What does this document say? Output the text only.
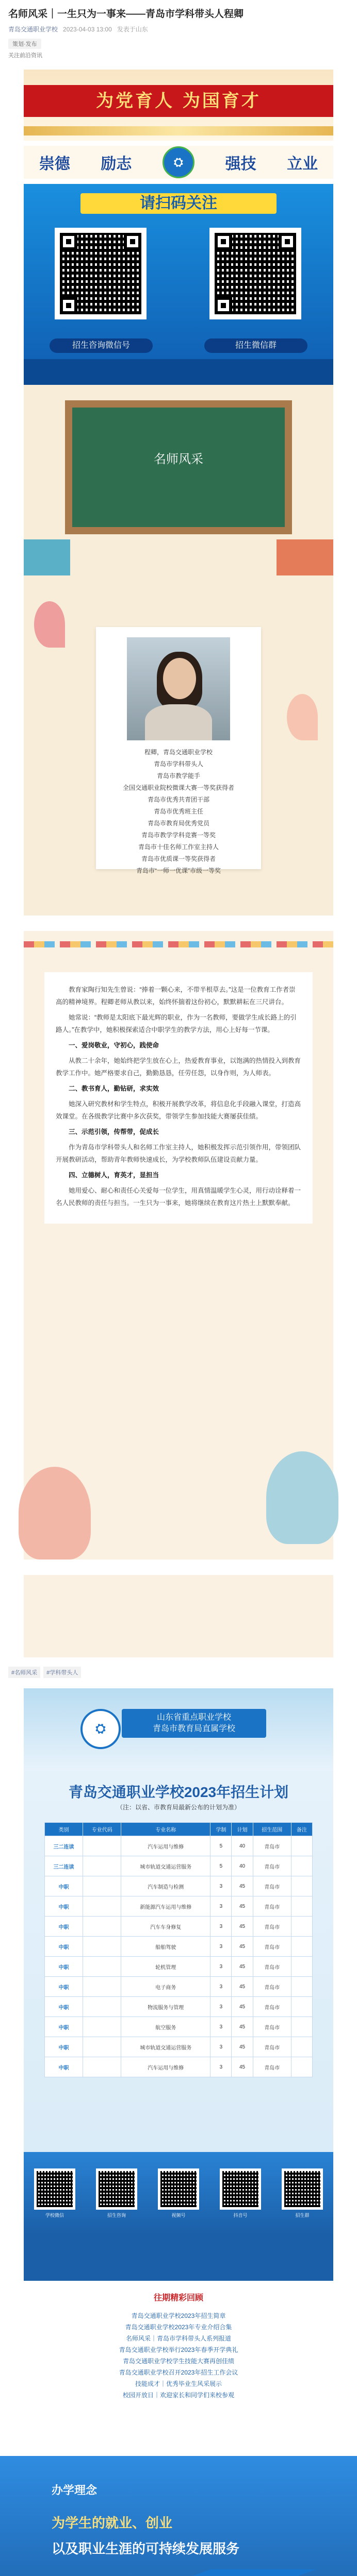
名师风采｜一生只为一事来——青岛市学科带头人程卿
青岛交通职业学校 2023-04-03 13:00 发表于山东
策划·发布
关注前沿资讯
为党育人 为国育才
崇德 励志	⛭	强技 立业
请扫码关注
招生咨询微信号	招生微信群
名师风采
程卿，青岛交通职业学校
青岛市学科带头人
青岛市教学能手
全国交通职业院校微课大赛一等奖获得者
青岛市优秀共青团干部
青岛市优秀班主任
青岛市教育局优秀党员
青岛市教学学科竞赛一等奖
青岛市十佳名师工作室主持人
青岛市优质课一等奖获得者
青岛市“一师一优课”市级一等奖

教育家陶行知先生曾说：“捧着一颗心来，不带半根草去。”这是一位教育工作者崇高的精神境界。程卿老师从教以来，始终怀揣着这份初心，默默耕耘在三尺讲台。

她常说：“教师是太阳底下最光辉的职业，作为一名教师，要做学生成长路上的引路人。”在教学中，她积极探索适合中职学生的教学方法，用心上好每一节课。

一、爱岗敬业，守初心，践使命

从教二十余年，她始终把学生放在心上，热爱教育事业，以饱满的热情投入到教育教学工作中。她严格要求自己，勤勤恳恳，任劳任怨，以身作则，为人师表。

二、教书育人，勤钻研，求实效

她深入研究教材和学生特点，积极开展教学改革，将信息化手段融入课堂，打造高效课堂。在各级教学比赛中多次获奖，带领学生参加技能大赛屡获佳绩。

三、示范引领，传帮带，促成长

作为青岛市学科带头人和名师工作室主持人，她积极发挥示范引领作用，带领团队开展教研活动，帮助青年教师快速成长，为学校教师队伍建设贡献力量。

四、立德树人，育英才，显担当

她用爱心、耐心和责任心关爱每一位学生，用真情温暖学生心灵，用行动诠释着一名人民教师的责任与担当。一生只为一事来，她将继续在教育这片热土上默默奉献。

#名师风采	#学科带头人
⛭
山东省重点职业学校
青岛市教育局直属学校
青岛交通职业学校2023年招生计划
（注：以省、市教育局最新公布的计划为准）
类别	专业代码	专业名称	学制	计划	招生范围	备注
三二连读		汽车运用与维修	5	40	青岛市	
三二连读		城市轨道交通运营服务	5	40	青岛市	
中职		汽车制造与检测	3	45	青岛市	
中职		新能源汽车运用与维修	3	45	青岛市	
中职		汽车车身修复	3	45	青岛市	
中职		船舶驾驶	3	45	青岛市	
中职		轮机管理	3	45	青岛市	
中职		电子商务	3	45	青岛市	
中职		物流服务与管理	3	45	青岛市	
中职		航空服务	3	45	青岛市	
中职		城市轨道交通运营服务	3	45	青岛市	
中职		汽车运用与维修	3	45	青岛市	
学校微信	招生咨询	视频号	抖音号	招生群
往期精彩回顾
青岛交通职业学校2023年招生简章
青岛交通职业学校2023年专业介绍合集
名师风采｜青岛市学科带头人系列报道
青岛交通职业学校举行2023年春季开学典礼
青岛交通职业学校学生技能大赛再创佳绩
青岛交通职业学校召开2023年招生工作会议
技能成才｜优秀毕业生风采展示
校园开放日｜欢迎家长和同学们来校参观
办学理念
为学生的就业、创业
以及职业生涯的可持续发展服务
